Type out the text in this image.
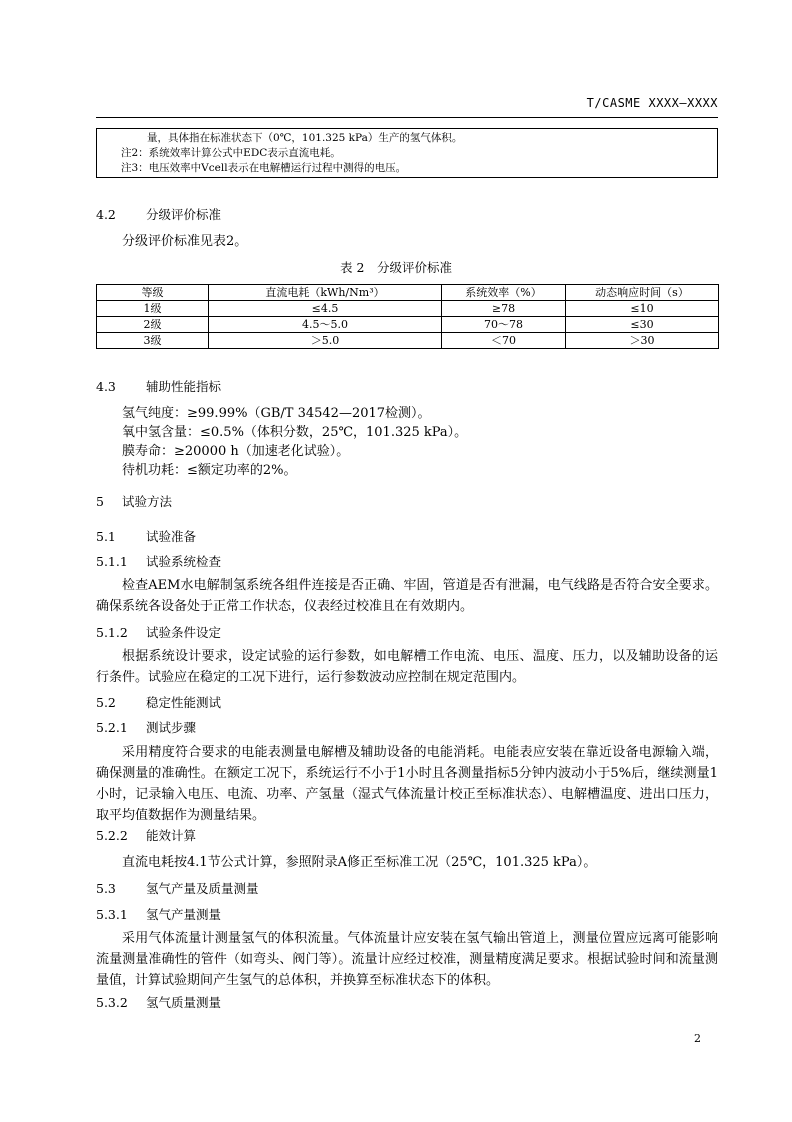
T/CASME XXXX—XXXX
量，具体指在标准状态下（0℃，101.325 kPa）生产的氢气体积。
注2：系统效率计算公式中EDC表示直流电耗。
注3：电压效率中Vcell表示在电解槽运行过程中测得的电压。
4.2 分级评价标准
分级评价标准见表2。
表 2　分级评价标准
等级	直流电耗（kWh/Nm³）	系统效率（%）	动态响应时间（s）
1级	≤4.5	≥78	≤10
2级	4.5～5.0	70～78	≤30
3级	＞5.0	＜70	＞30
4.3 辅助性能指标
氢气纯度：≥99.99%（GB/T 34542—2017检测）。
氧中氢含量：≤0.5%（体积分数，25℃，101.325 kPa）。
膜寿命：≥20000 h（加速老化试验）。
待机功耗：≤额定功率的2%。
5 试验方法
5.1 试验准备
5.1.1 试验系统检查

检查AEM水电解制氢系统各组件连接是否正确、牢固，管道是否有泄漏，电气线路是否符合安全要求。确保系统各设备处于正常工作状态，仪表经过校准且在有效期内。

5.1.2 试验条件设定

根据系统设计要求，设定试验的运行参数，如电解槽工作电流、电压、温度、压力，以及辅助设备的运行条件。试验应在稳定的工况下进行，运行参数波动应控制在规定范围内。

5.2 稳定性能测试
5.2.1 测试步骤

采用精度符合要求的电能表测量电解槽及辅助设备的电能消耗。电能表应安装在靠近设备电源输入端，确保测量的准确性。在额定工况下，系统运行不小于1小时且各测量指标5分钟内波动小于5%后，继续测量1小时，记录输入电压、电流、功率、产氢量（湿式气体流量计校正至标准状态）、电解槽温度、进出口压力，取平均值数据作为测量结果。

5.2.2 能效计算
直流电耗按4.1节公式计算，参照附录A修正至标准工况（25℃，101.325 kPa）。
5.3 氢气产量及质量测量
5.3.1 氢气产量测量

采用气体流量计测量氢气的体积流量。气体流量计应安装在氢气输出管道上，测量位置应远离可能影响流量测量准确性的管件（如弯头、阀门等）。流量计应经过校准，测量精度满足要求。根据试验时间和流量测量值，计算试验期间产生氢气的总体积，并换算至标准状态下的体积。

5.3.2 氢气质量测量
2
